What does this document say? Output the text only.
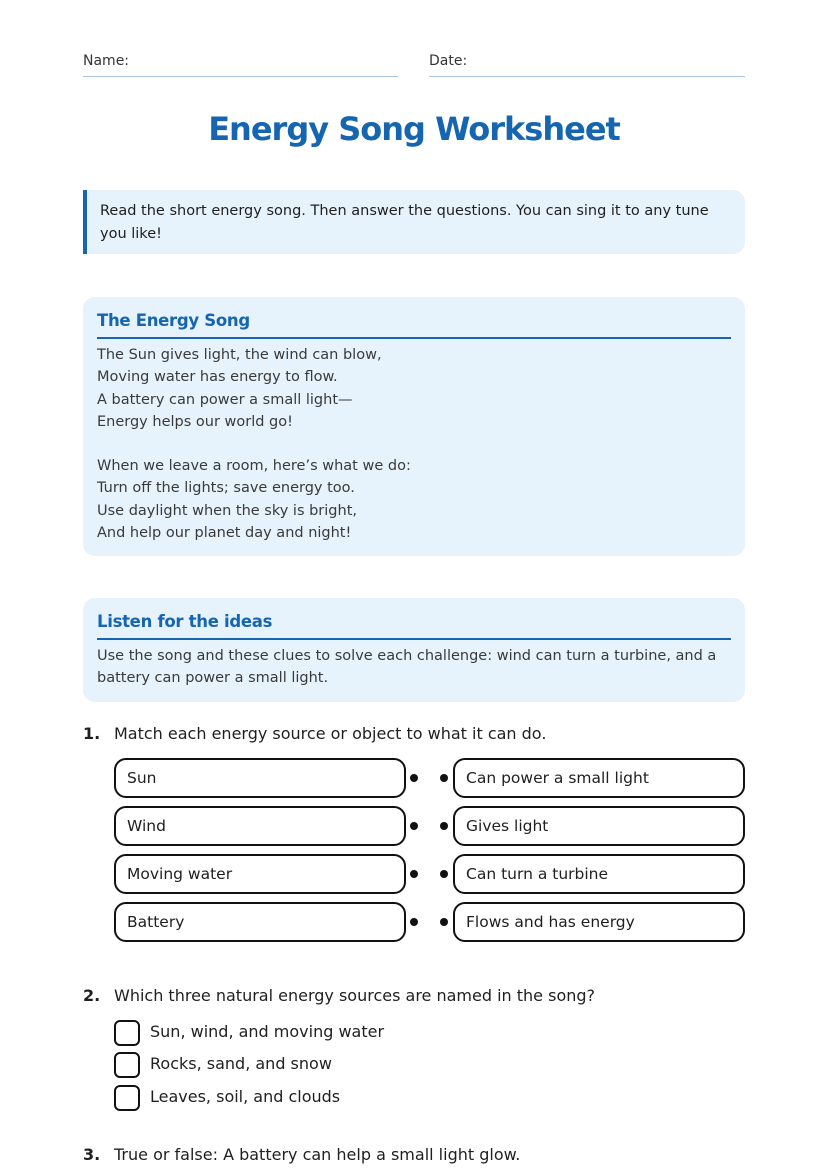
Name:	Date:
Energy Song Worksheet
Read the short energy song. Then answer the questions. You can sing it to any tune you like!
The Energy Song
The Sun gives light, the wind can blow,
Moving water has energy to flow.
A battery can power a small light—
Energy helps our world go!
When we leave a room, here’s what we do:
Turn off the lights; save energy too.
Use daylight when the sky is bright,
And help our planet day and night!
Listen for the ideas

Use the song and these clues to solve each challenge: wind can turn a turbine, and a battery can power a small light.

1. Match each energy source or object to what it can do.
Sun	Can power a small light
Wind	Gives light
Moving water	Can turn a turbine
Battery	Flows and has energy
2. Which three natural energy sources are named in the song?
Sun, wind, and moving water
Rocks, sand, and snow
Leaves, soil, and clouds
3. True or false: A battery can help a small light glow.
